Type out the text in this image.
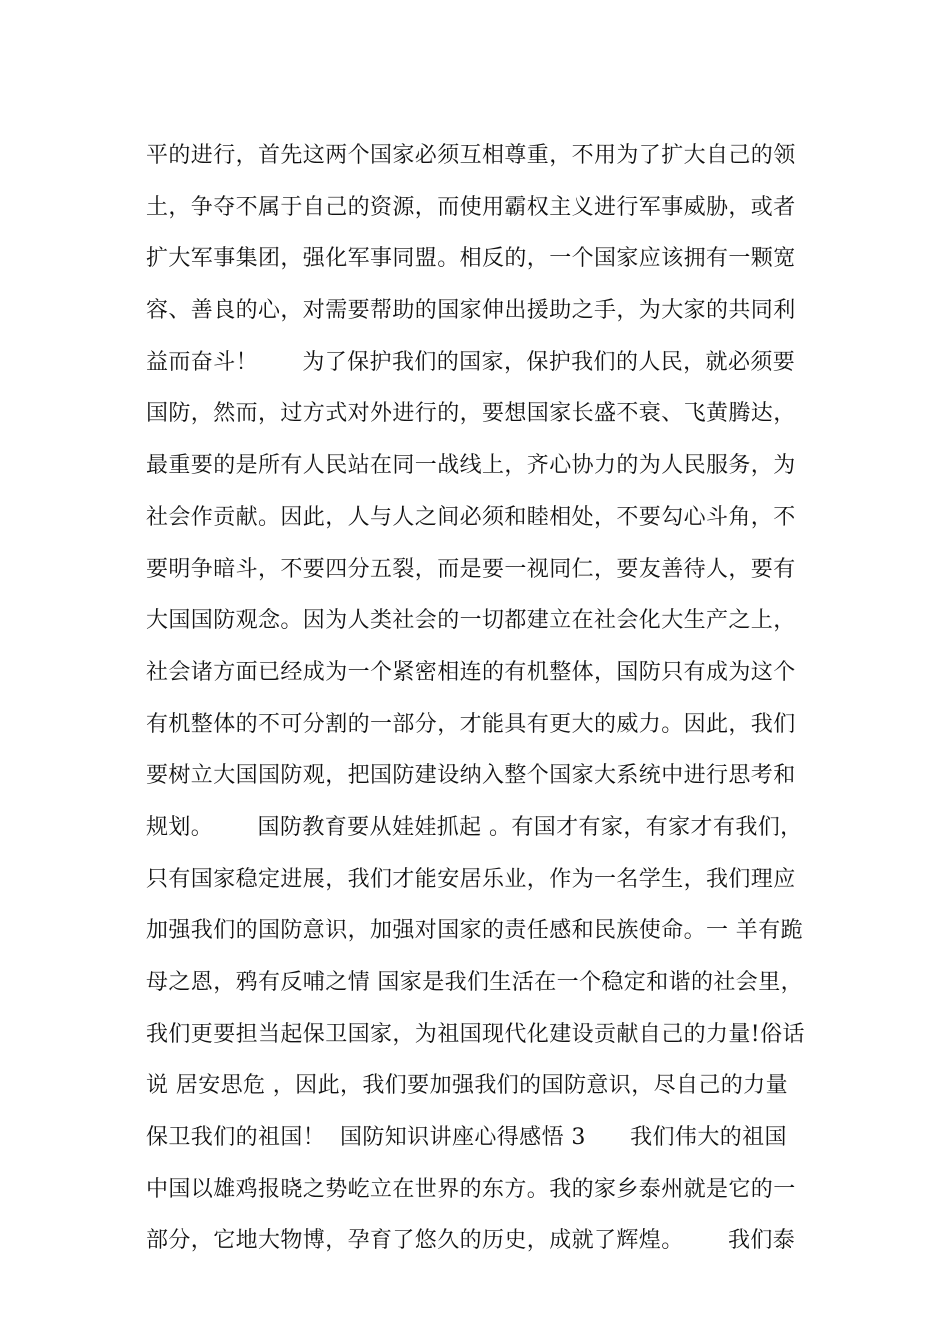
平的进行，首先这两个国家必须互相尊重，不用为了扩大自己的领
土，争夺不属于自己的资源，而使用霸权主义进行军事威胁，或者
扩大军事集团，强化军事同盟。相反的，一个国家应该拥有一颗宽
容、善良的心，对需要帮助的国家伸出援助之手，为大家的共同利
益而奋斗！      为了保护我们的国家，保护我们的人民，就必须要
国防，然而，过方式对外进行的，要想国家长盛不衰、飞黄腾达，
最重要的是所有人民站在同一战线上，齐心协力的为人民服务，为
社会作贡献。因此，人与人之间必须和睦相处，不要勾心斗角，不
要明争暗斗，不要四分五裂，而是要一视同仁，要友善待人，要有
大国国防观念。因为人类社会的一切都建立在社会化大生产之上，
社会诸方面已经成为一个紧密相连的有机整体，国防只有成为这个
有机整体的不可分割的一部分，才能具有更大的威力。因此，我们
要树立大国国防观，把国防建设纳入整个国家大系统中进行思考和
规划。      国防教育要从娃娃抓起 。有国才有家，有家才有我们，
只有国家稳定进展，我们才能安居乐业，作为一名学生，我们理应
加强我们的国防意识，加强对国家的责任感和民族使命。一 羊有跪
母之恩，鸦有反哺之情 国家是我们生活在一个稳定和谐的社会里，
我们更要担当起保卫国家，为祖国现代化建设贡献自己的力量!俗话
说 居安思危 ，因此，我们要加强我们的国防意识，尽自己的力量
保卫我们的祖国！  国防知识讲座心得感悟 3      我们伟大的祖国
中国以雄鸡报晓之势屹立在世界的东方。我的家乡泰州就是它的一
部分，它地大物博，孕育了悠久的历史，成就了辉煌。      我们泰
